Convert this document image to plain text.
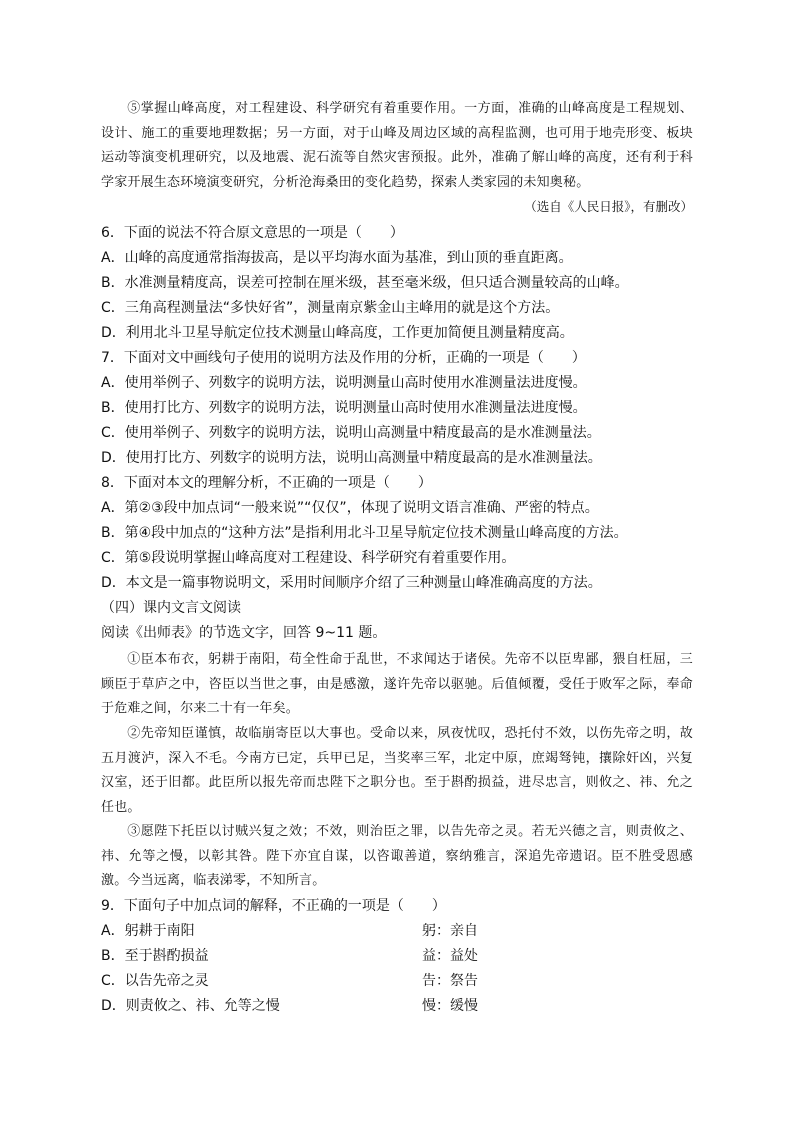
⑤掌握山峰高度，对工程建设、科学研究有着重要作用。一方面，准确的山峰高度是工程规划、设计、施工的重要地理数据；另一方面，对于山峰及周边区域的高程监测，也可用于地壳形变、板块运动等演变机理研究，以及地震、泥石流等自然灾害预报。此外，准确了解山峰的高度，还有利于科学家开展生态环境演变研究，分析沧海桑田的变化趋势，探索人类家园的未知奥秘。

（选自《人民日报》，有删改）

6．下面的说法不符合原文意思的一项是（　　）

A．山峰的高度通常指海拔高，是以平均海水面为基准，到山顶的垂直距离。

B．水准测量精度高，误差可控制在厘米级，甚至毫米级，但只适合测量较高的山峰。

C．三角高程测量法“多快好省”，测量南京紫金山主峰用的就是这个方法。

D．利用北斗卫星导航定位技术测量山峰高度，工作更加简便且测量精度高。

7．下面对文中画线句子使用的说明方法及作用的分析，正确的一项是（　　）

A．使用举例子、列数字的说明方法，说明测量山高时使用水准测量法进度慢。

B．使用打比方、列数字的说明方法，说明测量山高时使用水准测量法进度慢。

C．使用举例子、列数字的说明方法，说明山高测量中精度最高的是水准测量法。

D．使用打比方、列数字的说明方法，说明山高测量中精度最高的是水准测量法。

8．下面对本文的理解分析，不正确的一项是（　　）

A．第②③段中加点词“一般来说”“仅仅”，体现了说明文语言准确、严密的特点。

B．第④段中加点的“这种方法”是指利用北斗卫星导航定位技术测量山峰高度的方法。

C．第⑤段说明掌握山峰高度对工程建设、科学研究有着重要作用。

D．本文是一篇事物说明文，采用时间顺序介绍了三种测量山峰准确高度的方法。

（四）课内文言文阅读

阅读《出师表》的节选文字，回答 9~11 题。

①臣本布衣，躬耕于南阳，苟全性命于乱世，不求闻达于诸侯。先帝不以臣卑鄙，猥自枉屈，三顾臣于草庐之中，咨臣以当世之事，由是感激，遂许先帝以驱驰。后值倾覆，受任于败军之际，奉命于危难之间，尔来二十有一年矣。

②先帝知臣谨慎，故临崩寄臣以大事也。受命以来，夙夜忧叹，恐托付不效，以伤先帝之明，故五月渡泸，深入不毛。今南方已定，兵甲已足，当奖率三军，北定中原，庶竭驽钝，攘除奸凶，兴复汉室，还于旧都。此臣所以报先帝而忠陛下之职分也。至于斟酌损益，进尽忠言，则攸之、祎、允之任也。

③愿陛下托臣以讨贼兴复之效；不效，则治臣之罪，以告先帝之灵。若无兴德之言，则责攸之、祎、允等之慢，以彰其咎。陛下亦宜自谋，以咨诹善道，察纳雅言，深追先帝遗诏。臣不胜受恩感激。今当远离，临表涕零，不知所言。

9．下面句子中加点词的解释，不正确的一项是（　　）

A．躬耕于南阳	躬：亲自

B．至于斟酌损益	益：益处

C．以告先帝之灵	告：祭告

D．则责攸之、祎、允等之慢	慢：缓慢
